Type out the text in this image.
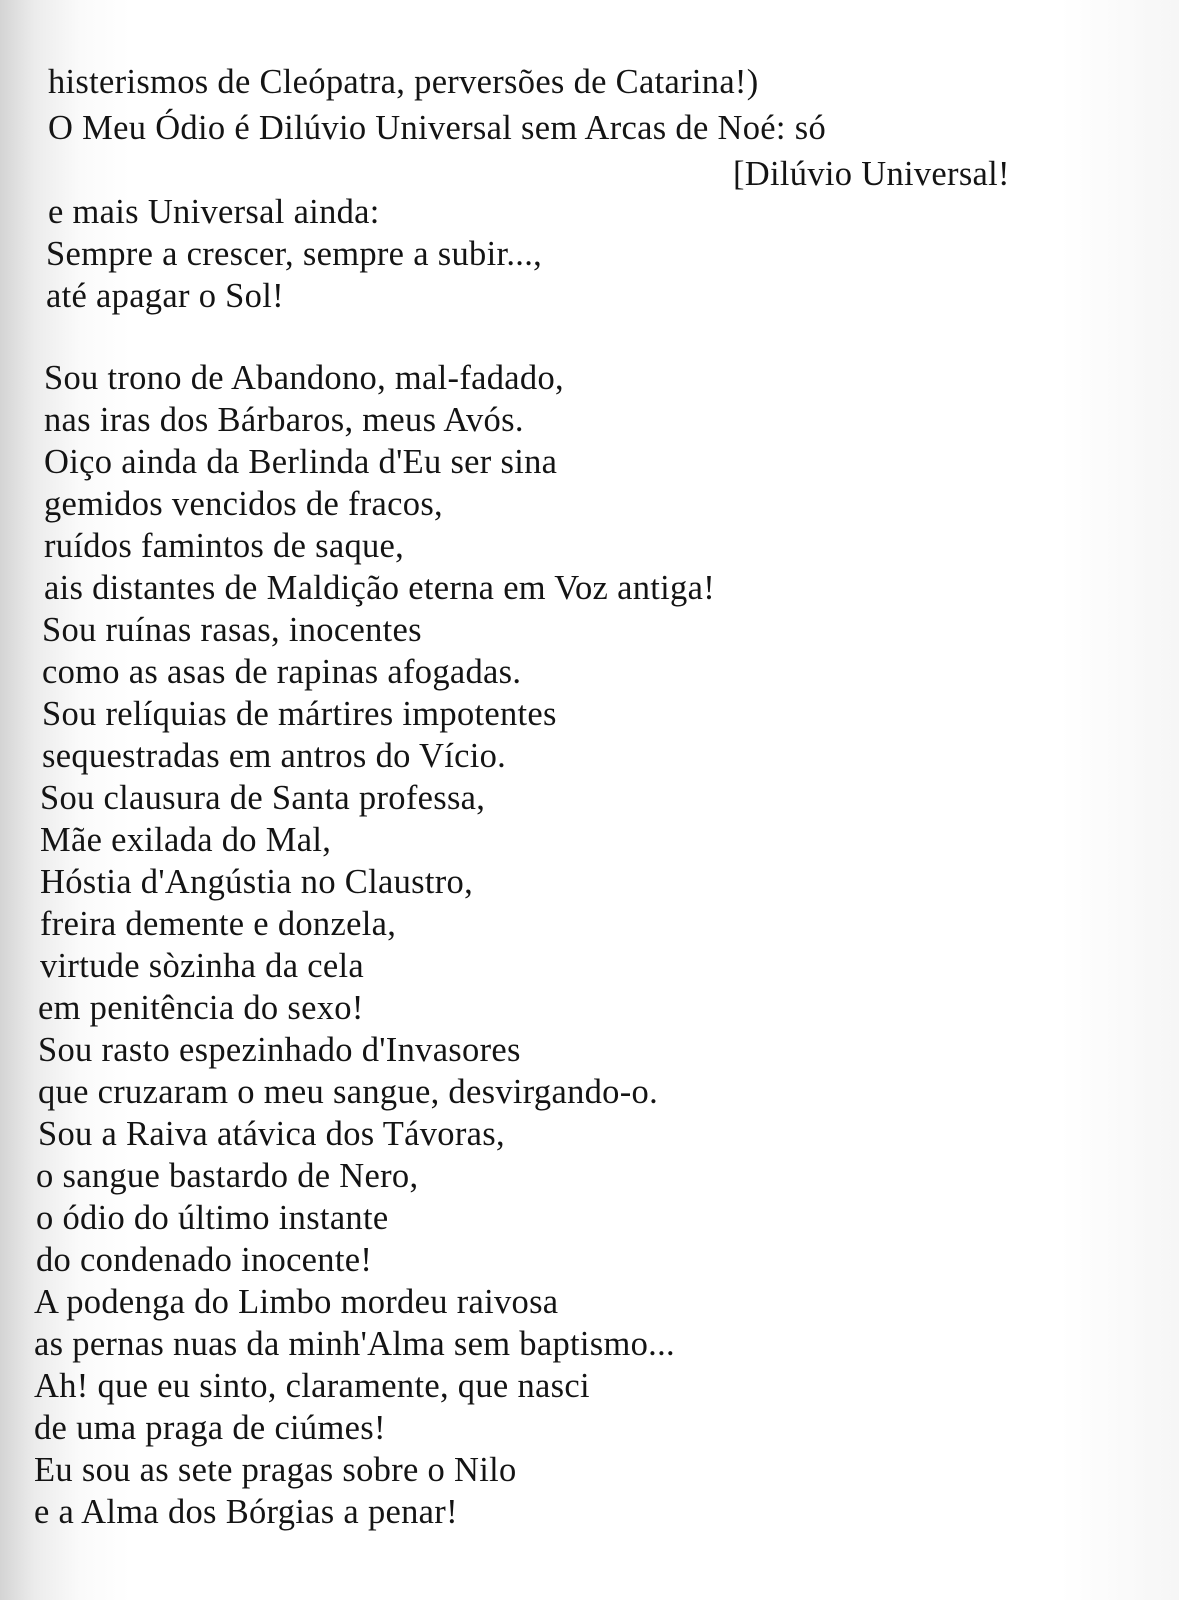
histerismos de Cleópatra, perversões de Catarina!)
O Meu Ódio é Dilúvio Universal sem Arcas de Noé: só
[Dilúvio Universal!
e mais Universal ainda:
Sempre a crescer, sempre a subir...,
até apagar o Sol!
Sou trono de Abandono, mal-fadado,
nas iras dos Bárbaros, meus Avós.
Oiço ainda da Berlinda d'Eu ser sina
gemidos vencidos de fracos,
ruídos famintos de saque,
ais distantes de Maldição eterna em Voz antiga!
Sou ruínas rasas, inocentes
como as asas de rapinas afogadas.
Sou relíquias de mártires impotentes
sequestradas em antros do Vício.
Sou clausura de Santa professa,
Mãe exilada do Mal,
Hóstia d'Angústia no Claustro,
freira demente e donzela,
virtude sòzinha da cela
em penitência do sexo!
Sou rasto espezinhado d'Invasores
que cruzaram o meu sangue, desvirgando-o.
Sou a Raiva atávica dos Távoras,
o sangue bastardo de Nero,
o ódio do último instante
do condenado inocente!
A podenga do Limbo mordeu raivosa
as pernas nuas da minh'Alma sem baptismo...
Ah! que eu sinto, claramente, que nasci
de uma praga de ciúmes!
Eu sou as sete pragas sobre o Nilo
e a Alma dos Bórgias a penar!
